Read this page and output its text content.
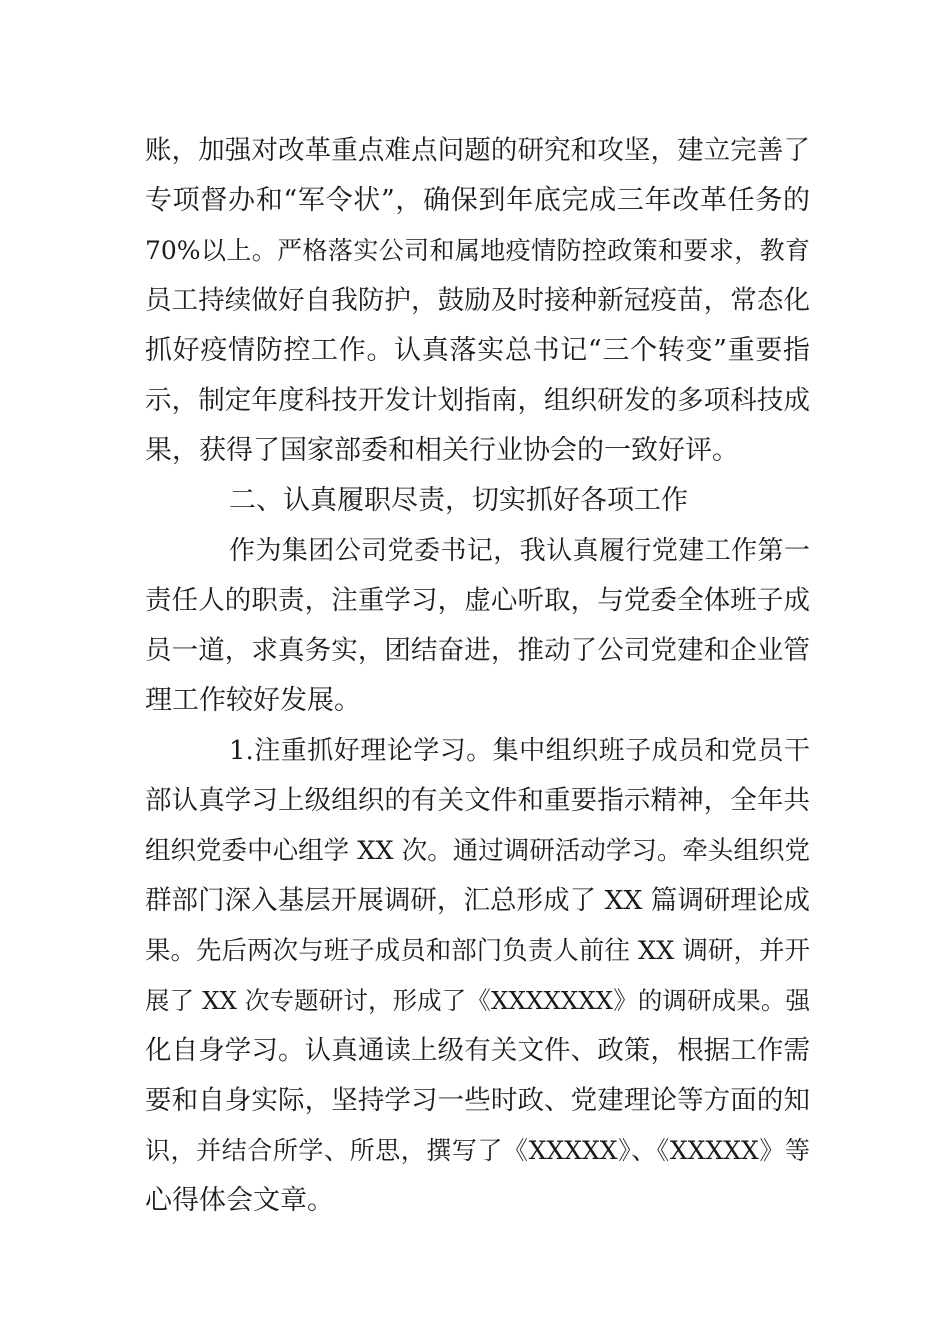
账，加强对改革重点难点问题的研究和攻坚，建立完善了
专项督办和“军令状”，确保到年底完成三年改革任务的
70%以上。严格落实公司和属地疫情防控政策和要求，教育
员工持续做好自我防护，鼓励及时接种新冠疫苗，常态化
抓好疫情防控工作。认真落实总书记“三个转变”重要指
示，制定年度科技开发计划指南，组织研发的多项科技成
果，获得了国家部委和相关行业协会的一致好评。
二、认真履职尽责，切实抓好各项工作
作为集团公司党委书记，我认真履行党建工作第一
责任人的职责，注重学习，虚心听取，与党委全体班子成
员一道，求真务实，团结奋进，推动了公司党建和企业管
理工作较好发展。
1.注重抓好理论学习。集中组织班子成员和党员干
部认真学习上级组织的有关文件和重要指示精神，全年共
组织党委中心组学 XX 次。通过调研活动学习。牵头组织党
群部门深入基层开展调研，汇总形成了 XX 篇调研理论成
果。先后两次与班子成员和部门负责人前往 XX 调研，并开
展了 XX 次专题研讨，形成了《XXXXXXX》的调研成果。强
化自身学习。认真通读上级有关文件、政策，根据工作需
要和自身实际，坚持学习一些时政、党建理论等方面的知
识，并结合所学、所思，撰写了《XXXXX》、《XXXXX》等
心得体会文章。
